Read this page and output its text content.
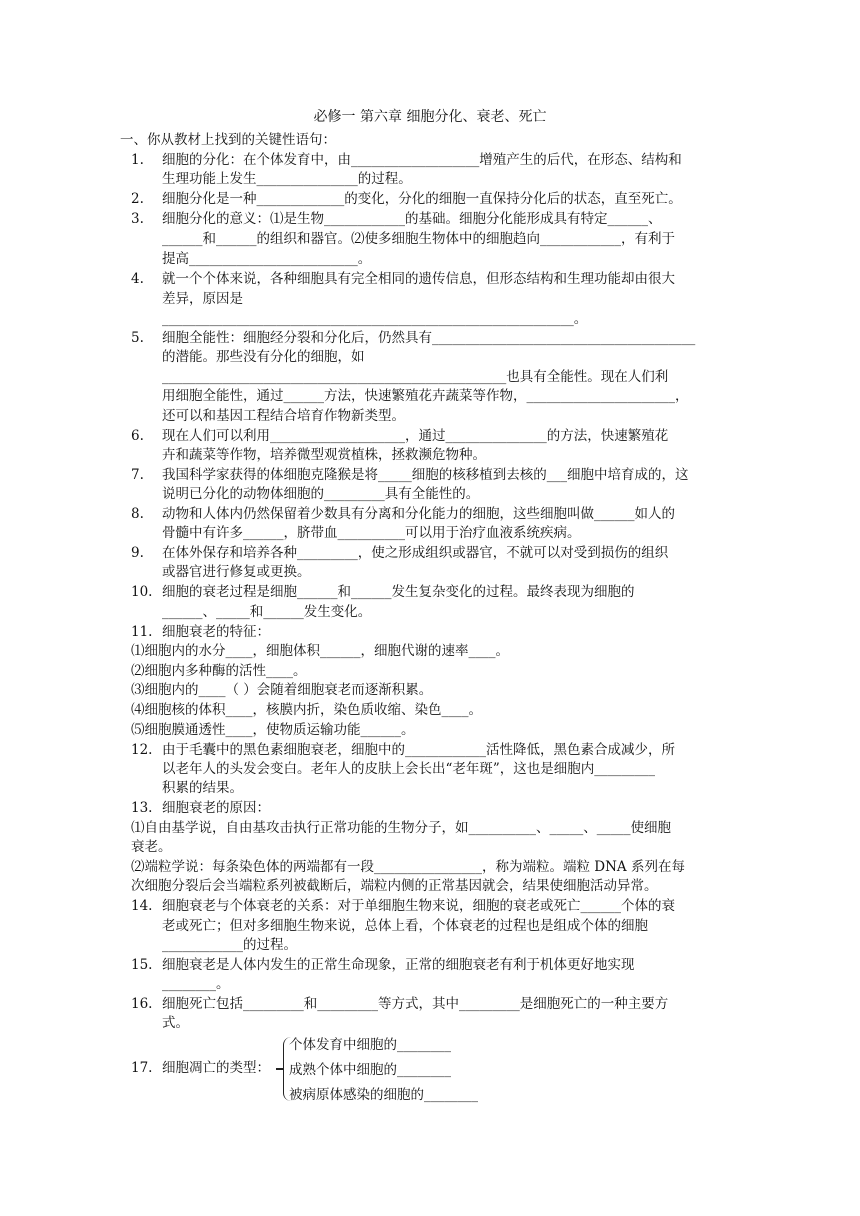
必修一 第六章 细胞分化、衰老、死亡
一、你从教材上找到的关键性语句：
1. 细胞的分化：在个体发育中，由___________________增殖产生的后代，在形态、结构和
生理功能上发生_______________的过程。
2. 细胞分化是一种_____________的变化，分化的细胞一直保持分化后的状态，直至死亡。
3. 细胞分化的意义：⑴是生物____________的基础。细胞分化能形成具有特定______、
______和______的组织和器官。⑵使多细胞生物体中的细胞趋向____________，有利于
提高_________________________。
4. 就一个个体来说，各种细胞具有完全相同的遗传信息，但形态结构和生理功能却由很大
差异，原因是
_____________________________________________________________。
5. 细胞全能性：细胞经分裂和分化后，仍然具有_______________________________________
的潜能。那些没有分化的细胞，如
___________________________________________________也具有全能性。现在人们利
用细胞全能性，通过______方法，快速繁殖花卉蔬菜等作物，______________________，
还可以和基因工程结合培育作物新类型。
6. 现在人们可以利用____________________，通过_______________的方法，快速繁殖花
卉和蔬菜等作物，培养微型观赏植株，拯救濒危物种。
7. 我国科学家获得的体细胞克隆猴是将_____细胞的核移植到去核的___细胞中培育成的，这
说明已分化的动物体细胞的_________具有全能性的。
8. 动物和人体内仍然保留着少数具有分离和分化能力的细胞，这些细胞叫做______如人的
骨髓中有许多______，脐带血__________可以用于治疗血液系统疾病。
9. 在体外保存和培养各种_________，使之形成组织或器官，不就可以对受到损伤的组织
或器官进行修复或更换。
10. 细胞的衰老过程是细胞______和______发生复杂变化的过程。最终表现为细胞的
______、_____和______发生变化。
11. 细胞衰老的特征：
⑴细胞内的水分____，细胞体积______，细胞代谢的速率____。
⑵细胞内多种酶的活性____。
⑶细胞内的____（ ）会随着细胞衰老而逐渐积累。
⑷细胞核的体积____，核膜内折，染色质收缩、染色____。
⑸细胞膜通透性____，使物质运输功能______。
12. 由于毛囊中的黑色素细胞衰老，细胞中的____________活性降低，黑色素合成减少，所
以老年人的头发会变白。老年人的皮肤上会长出“老年斑”，这也是细胞内_________
积累的结果。
13. 细胞衰老的原因：
⑴自由基学说，自由基攻击执行正常功能的生物分子，如__________、_____、_____使细胞
衰老。
⑵端粒学说：每条染色体的两端都有一段________________，称为端粒。端粒 DNA 系列在每
次细胞分裂后会当端粒系列被截断后，端粒内侧的正常基因就会，结果使细胞活动异常。
14. 细胞衰老与个体衰老的关系：对于单细胞生物来说，细胞的衰老或死亡______个体的衰
老或死亡；但对多细胞生物来说，总体上看，个体衰老的过程也是组成个体的细胞
____________的过程。
15. 细胞衰老是人体内发生的正常生命现象，正常的细胞衰老有利于机体更好地实现
________。
16. 细胞死亡包括_________和_________等方式，其中_________是细胞死亡的一种主要方
式。
17. 细胞凋亡的类型：
个体发育中细胞的________
成熟个体中细胞的________
被病原体感染的细胞的________
